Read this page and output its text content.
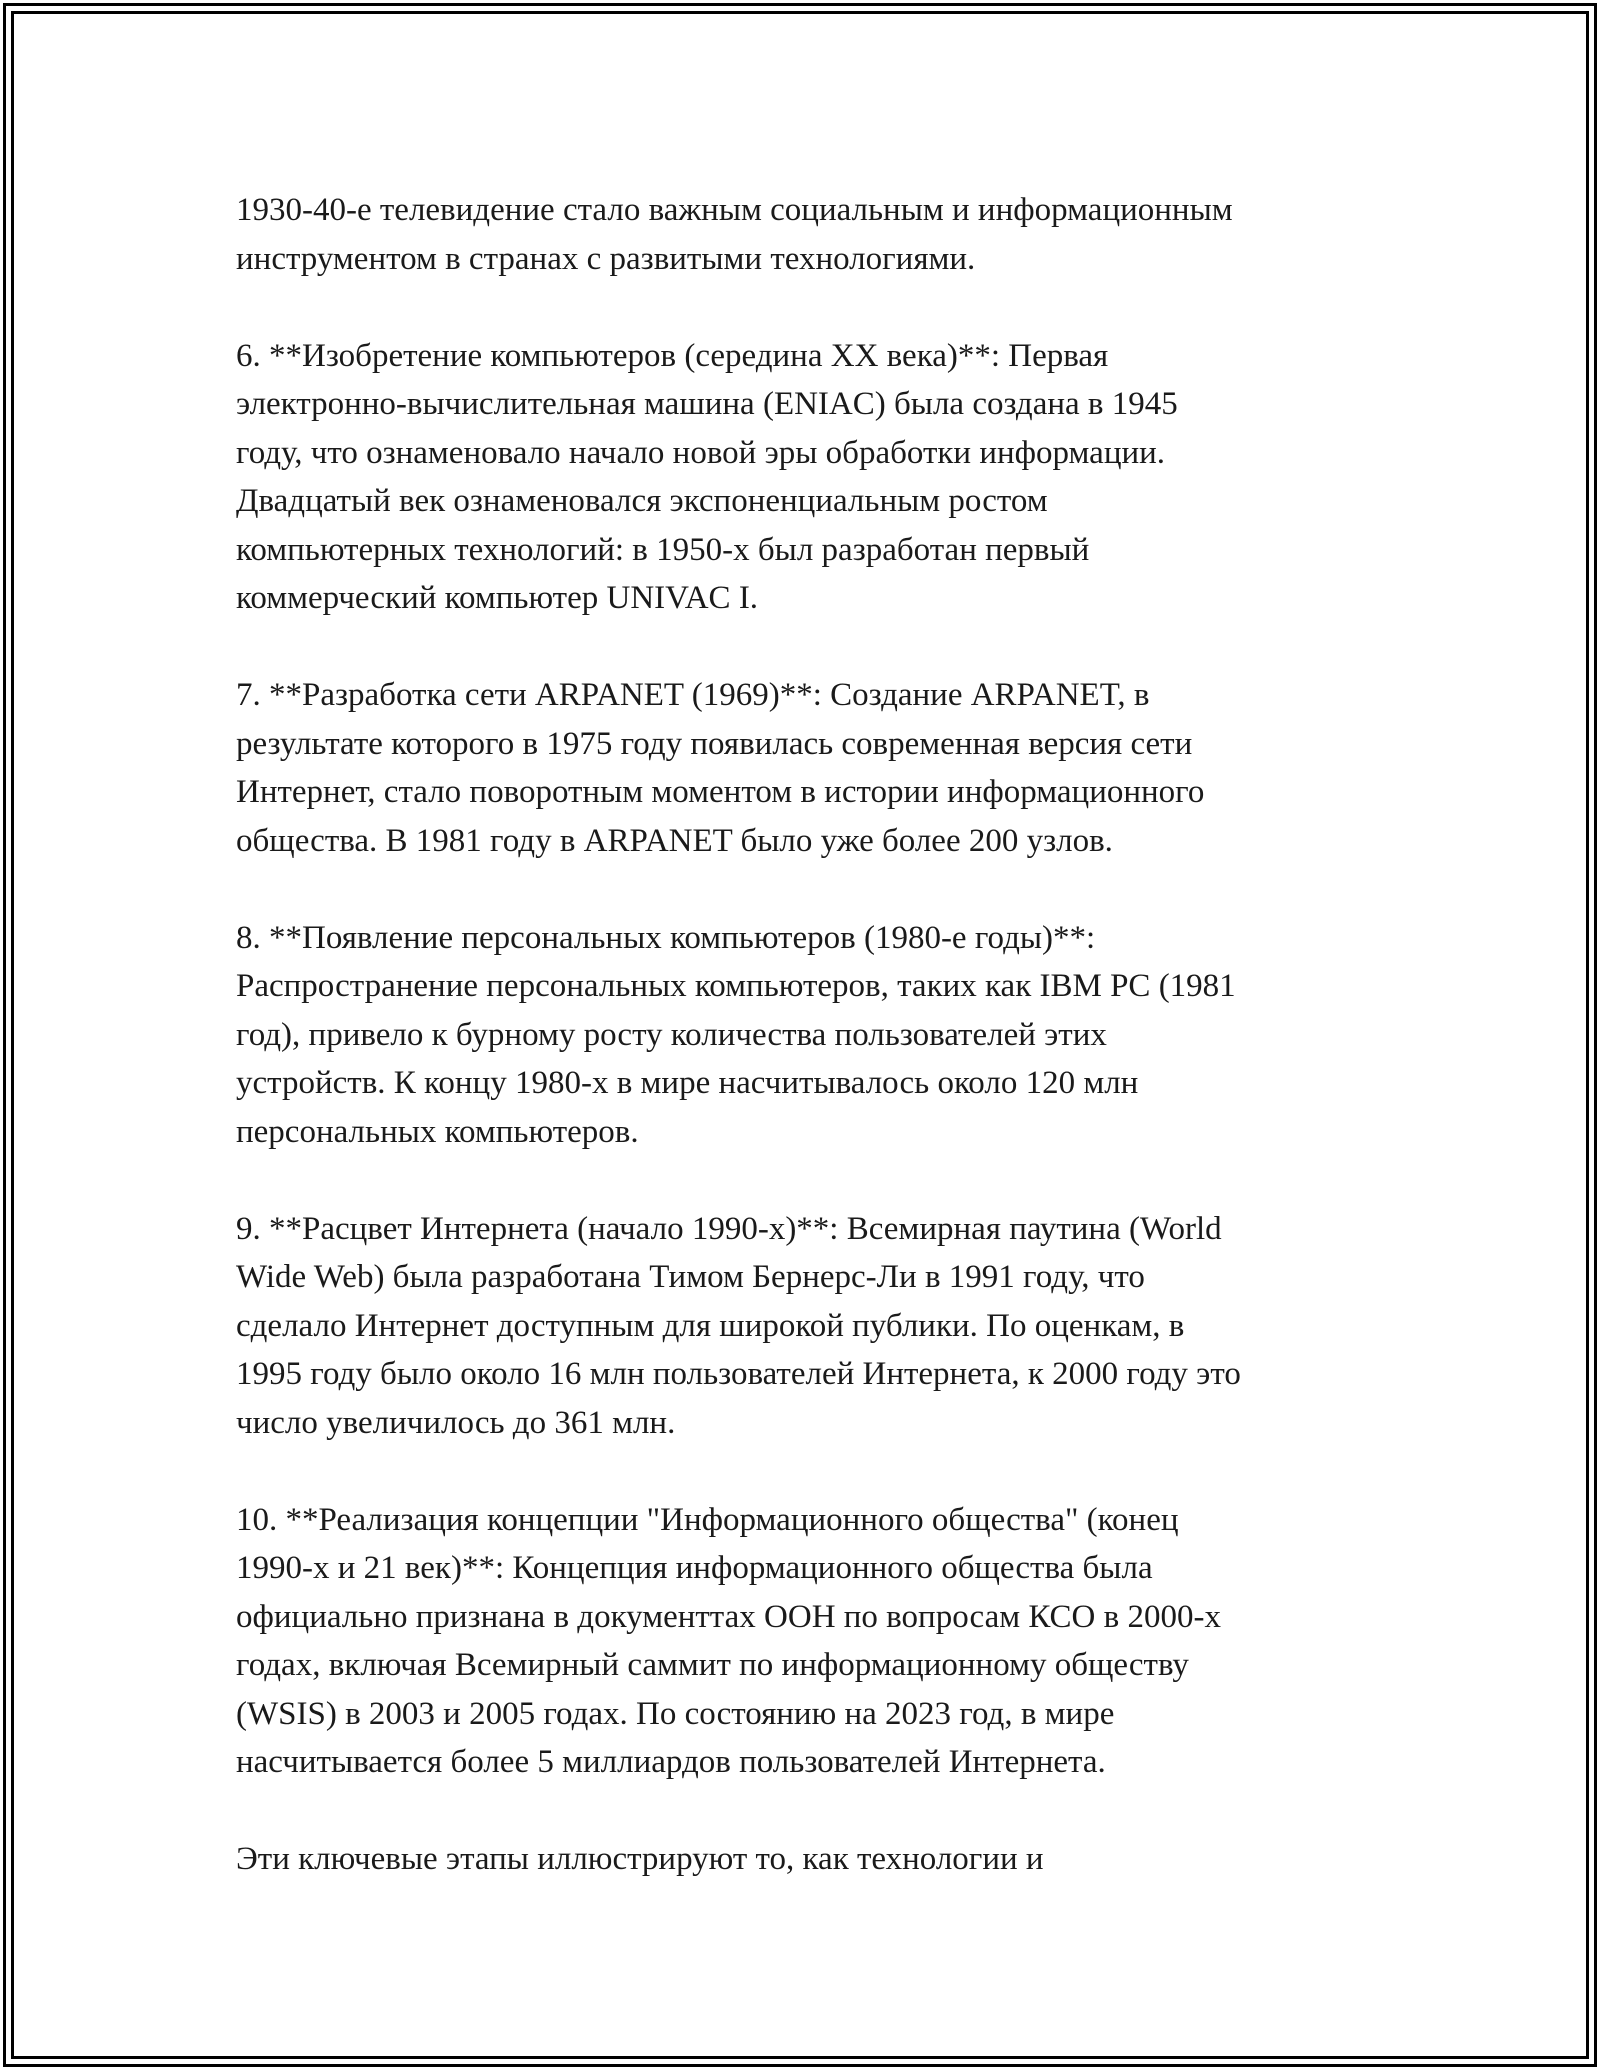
1930-40-е телевидение стало важным социальным и информационным
инструментом в странах с развитыми технологиями.

6. **Изобретение компьютеров (середина XX века)**: Первая
электронно-вычислительная машина (ENIAC) была создана в 1945
году, что ознаменовало начало новой эры обработки информации.
Двадцатый век ознаменовался экспоненциальным ростом
компьютерных технологий: в 1950-х был разработан первый
коммерческий компьютер UNIVAC I.

7. **Разработка сети ARPANET (1969)**: Создание ARPANET, в
результате которого в 1975 году появилась современная версия сети
Интернет, стало поворотным моментом в истории информационного
общества. В 1981 году в ARPANET было уже более 200 узлов.

8. **Появление персональных компьютеров (1980-е годы)**:
Распространение персональных компьютеров, таких как IBM PC (1981
год), привело к бурному росту количества пользователей этих
устройств. К концу 1980-х в мире насчитывалось около 120 млн
персональных компьютеров.

9. **Расцвет Интернета (начало 1990-х)**: Всемирная паутина (World
Wide Web) была разработана Тимом Бернерс-Ли в 1991 году, что
сделало Интернет доступным для широкой публики. По оценкам, в
1995 году было около 16 млн пользователей Интернета, к 2000 году это
число увеличилось до 361 млн.

10. **Реализация концепции "Информационного общества" (конец
1990-х и 21 век)**: Концепция информационного общества была
официально признана в документтах ООН по вопросам КСО в 2000-х
годах, включая Всемирный саммит по информационному обществу
(WSIS) в 2003 и 2005 годах. По состоянию на 2023 год, в мире
насчитывается более 5 миллиардов пользователей Интернета.

Эти ключевые этапы иллюстрируют то, как технологии и
